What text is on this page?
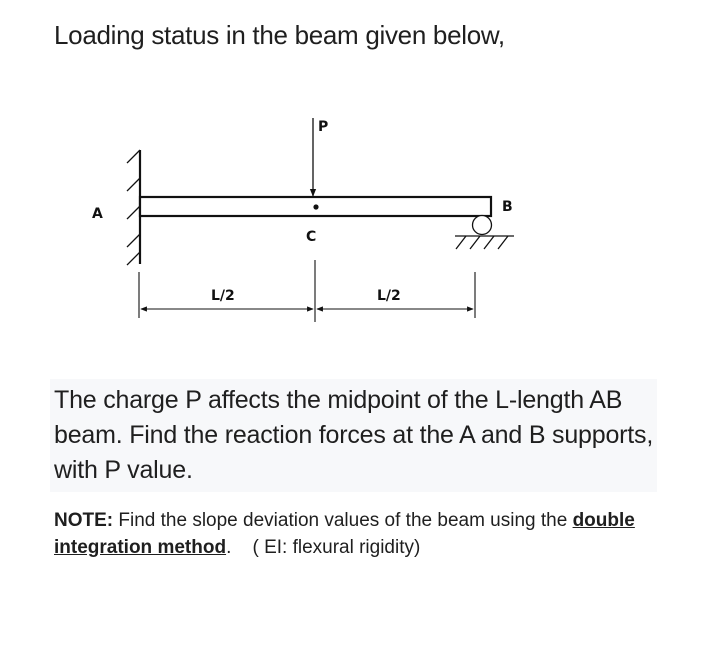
Loading status in the beam given below,
P
C
A	B
L/2	L/2
The charge P affects the midpoint of the L-length AB beam. Find the reaction forces at the A and B supports, with P value.
NOTE: Find the slope deviation values of the beam using the double integration method.    ( EI: flexural rigidity)
